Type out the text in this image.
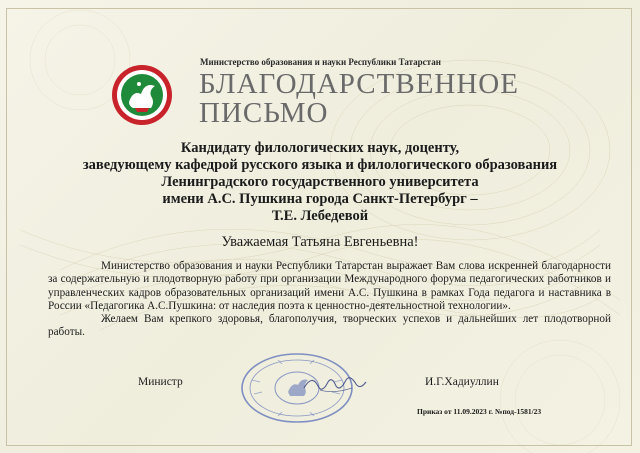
Министерство образования и науки Республики Татарстан
БЛАГОДАРСТВЕННОЕ
ПИСЬМО
Кандидату филологических наук, доценту,
заведующему кафедрой русского языка и филологического образования
Ленинградского государственного университета
имени А.С. Пушкина города Санкт-Петербург –
Т.Е. Лебедевой
Уважаемая Татьяна Евгеньевна!

Министерство образования и науки Республики Татарстан выражает Вам слова искренней благодарности за содержательную и плодотворную работу при организации Международного форума педагогических работников и управленческих кадров образовательных организаций имени А.С. Пушкина в рамках Года педагога и наставника в России «Педагогика А.С.Пушкина: от наследия поэта к ценностно-деятельностной технологии».

Желаем Вам крепкого здоровья, благополучия, творческих успехов и дальнейших лет плодотворной работы.

Министр	И.Г.Хадиуллин
Приказ от 11.09.2023 г. №под-1581/23
